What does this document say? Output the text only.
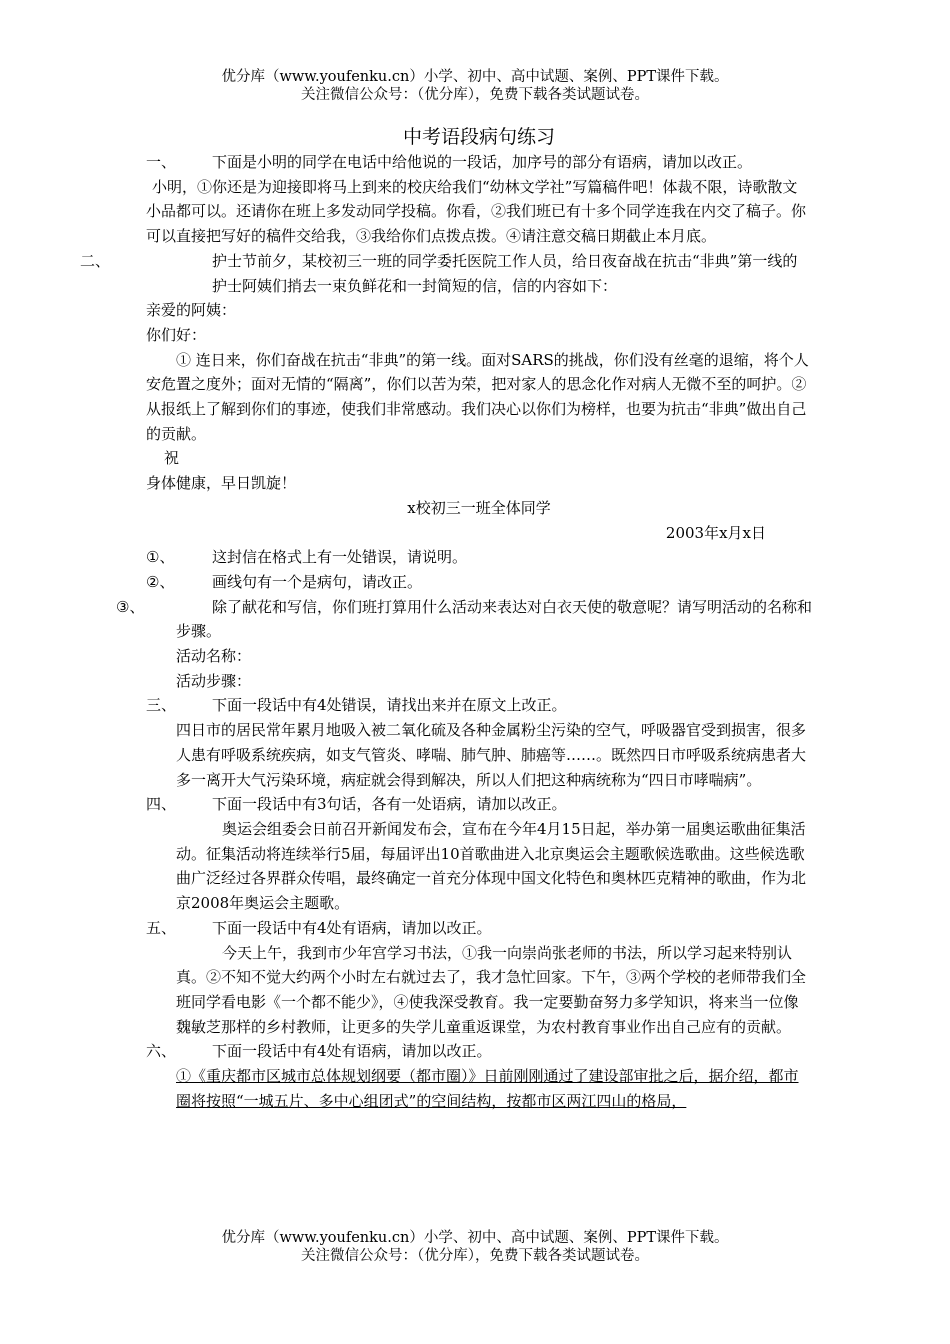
优分库（www.youfenku.cn）小学、初中、高中试题、案例、PPT课件下载。
关注微信公众号：（优分库），免费下载各类试题试卷。

中考语段病句练习

一、 下面是小明的同学在电话中给他说的一段话，加序号的部分有语病，请加以改正。

小明，①你还是为迎接即将马上到来的校庆给我们“幼林文学社”写篇稿件吧！体裁不限，诗歌散文小品都可以。还请你在班上多发动同学投稿。你看，②我们班已有十多个同学连我在内交了稿子。你可以直接把写好的稿件交给我，③我给你们点拨点拨。④请注意交稿日期截止本月底。

二、	护士节前夕，某校初三一班的同学委托医院工作人员，给日夜奋战在抗击“非典”第一线的护士阿姨们捎去一束负鲜花和一封简短的信，信的内容如下：

亲爱的阿姨：

你们好：

① 连日来，你们奋战在抗击“非典”的第一线。面对SARS的挑战，你们没有丝毫的退缩，将个人安危置之度外；面对无情的“隔离”，你们以苦为荣，把对家人的思念化作对病人无微不至的呵护。②从报纸上了解到你们的事迹，使我们非常感动。我们决心以你们为榜样，也要为抗击“非典”做出自己的贡献。

祝

身体健康，早日凯旋！

x校初三一班全体同学

2003年x月x日

①、	这封信在格式上有一处错误，请说明。

②、	画线句有一个是病句，请改正。

③、	除了献花和写信，你们班打算用什么活动来表达对白衣天使的敬意呢？请写明活动的名称和步骤。

活动名称：

活动步骤：

三、 下面一段话中有4处错误，请找出来并在原文上改正。

四日市的居民常年累月地吸入被二氧化硫及各种金属粉尘污染的空气，呼吸器官受到损害，很多人患有呼吸系统疾病，如支气管炎、哮喘、肺气肿、肺癌等……。既然四日市呼吸系统病患者大多一离开大气污染环境，病症就会得到解决，所以人们把这种病统称为“四日市哮喘病”。

四、 下面一段话中有3句话，各有一处语病，请加以改正。

奥运会组委会日前召开新闻发布会，宣布在今年4月15日起，举办第一届奥运歌曲征集活动。征集活动将连续举行5届，每届评出10首歌曲进入北京奥运会主题歌候选歌曲。这些候选歌曲广泛经过各界群众传唱，最终确定一首充分体现中国文化特色和奥林匹克精神的歌曲，作为北京2008年奥运会主题歌。

五、 下面一段话中有4处有语病，请加以改正。

今天上午，我到市少年宫学习书法，①我一向崇尚张老师的书法，所以学习起来特别认真。②不知不觉大约两个小时左右就过去了，我才急忙回家。下午，③两个学校的老师带我们全班同学看电影《一个都不能少》，④使我深受教育。我一定要勤奋努力多学知识，将来当一位像魏敏芝那样的乡村教师，让更多的失学儿童重返课堂，为农村教育事业作出自己应有的贡献。

六、 下面一段话中有4处有语病，请加以改正。

①《重庆都市区城市总体规划纲要（都市圈）》日前刚刚通过了建设部审批之后，据介绍，都市圈将按照“一城五片、多中心组团式”的空间结构，按都市区两江四山的格局，

优分库（www.youfenku.cn）小学、初中、高中试题、案例、PPT课件下载。
关注微信公众号：（优分库），免费下载各类试题试卷。
